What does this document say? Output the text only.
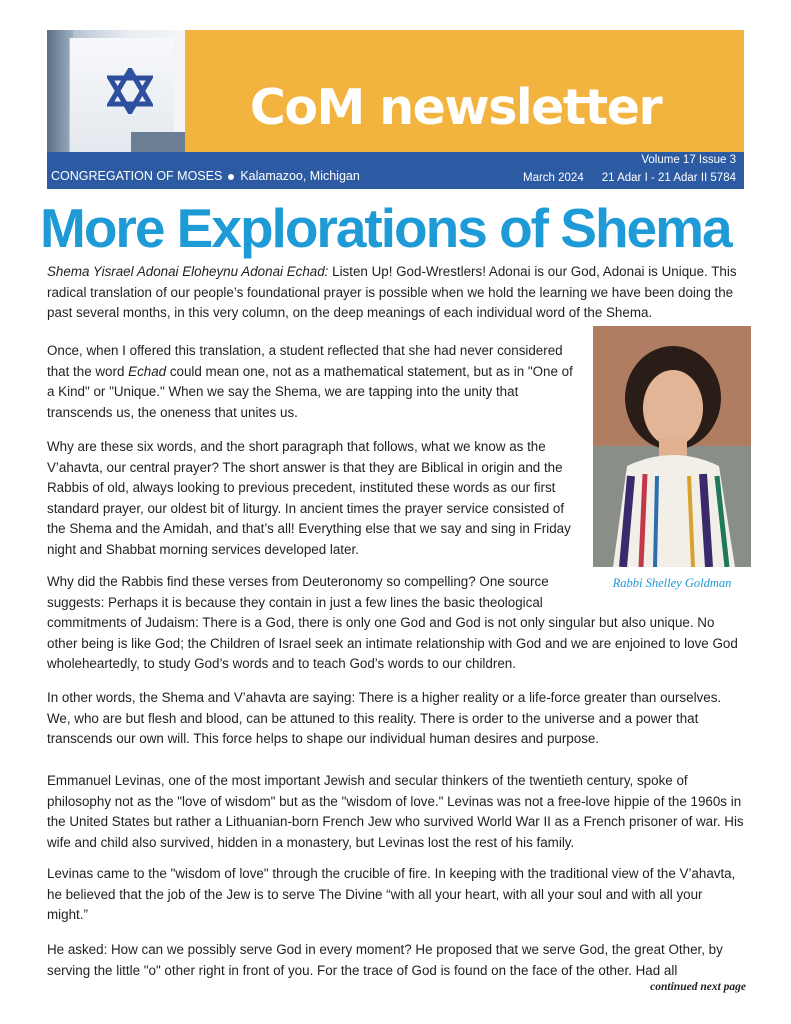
CoM newsletter
CONGREGATION OF MOSES Kalamazoo, Michigan
Volume 17 Issue 3
March 2024 21 Adar I - 21 Adar II 5784
More Explorations of Shema

Shema Yisrael Adonai Eloheynu Adonai Echad: Listen Up! God-Wrestlers! Adonai is our God, Adonai is Unique. This radical translation of our people’s foundational prayer is possible when we hold the learning we have been doing the past several months, in this very column, on the deep meanings of each individual word of the Shema.

Once, when I offered this translation, a student reflected that she had never considered that the word Echad could mean one, not as a mathematical statement, but as in "One of a Kind" or "Unique." When we say the Shema, we are tapping into the unity that transcends us, the oneness that unites us.

Why are these six words, and the short paragraph that follows, what we know as the V’ahavta, our central prayer? The short answer is that they are Biblical in origin and the Rabbis of old, always looking to previous precedent, instituted these words as our first standard prayer, our oldest bit of liturgy. In ancient times the prayer service consisted of the Shema and the Amidah, and that’s all! Everything else that we say and sing in Friday night and Shabbat morning services developed later.

Rabbi Shelley Goldman

Why did the Rabbis find these verses from Deuteronomy so compelling? One source suggests: Perhaps it is because they contain in just a few lines the basic theological commitments of Judaism: There is a God, there is only one God and God is not only singular but also unique. No other being is like God; the Children of Israel seek an intimate relationship with God and we are enjoined to love God wholeheartedly, to study God’s words and to teach God’s words to our children.

In other words, the Shema and V’ahavta are saying: There is a higher reality or a life-force greater than ourselves. We, who are but flesh and blood, can be attuned to this reality. There is order to the universe and a power that transcends our own will. This force helps to shape our individual human desires and purpose.

Emmanuel Levinas, one of the most important Jewish and secular thinkers of the twentieth century, spoke of philosophy not as the "love of wisdom" but as the "wisdom of love." Levinas was not a free-love hippie of the 1960s in the United States but rather a Lithuanian-born French Jew who survived World War II as a French prisoner of war. His wife and child also survived, hidden in a monastery, but Levinas lost the rest of his family.

Levinas came to the "wisdom of love" through the crucible of fire. In keeping with the traditional view of the V’ahavta, he believed that the job of the Jew is to serve The Divine “with all your heart, with all your soul and with all your might.”

He asked: How can we possibly serve God in every moment? He proposed that we serve God, the great Other, by serving the little "o" other right in front of you. For the trace of God is found on the face of the other. Had all

continued next page
